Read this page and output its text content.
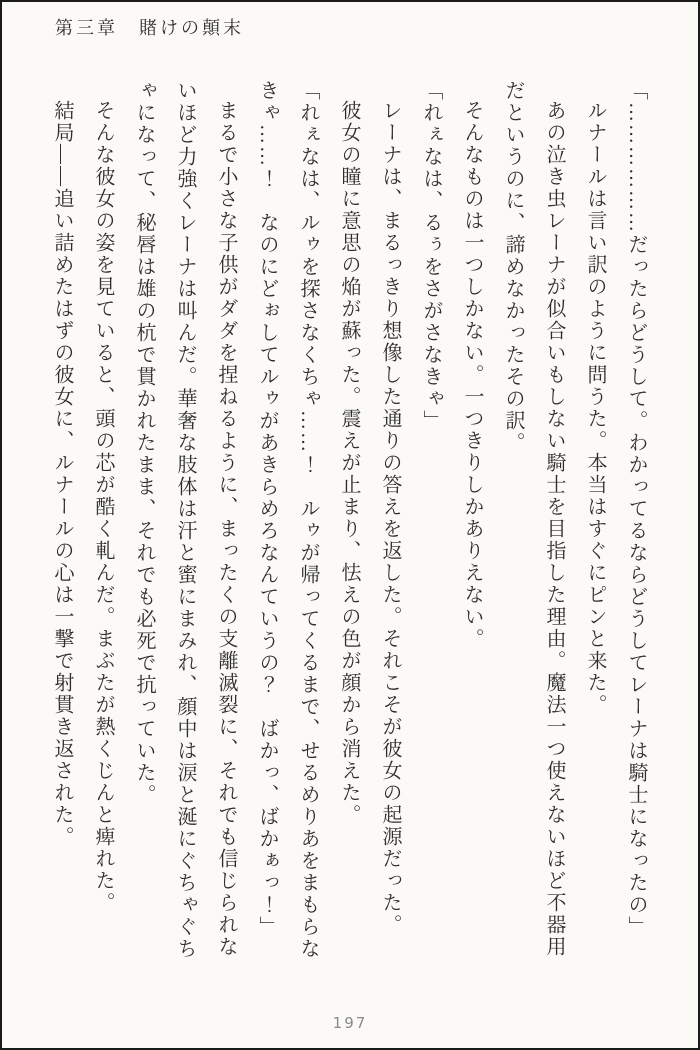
第三章　賭けの顛末

「………………だったらどうして。わかってるならどうしてレーナは騎士になったの」

ルナールは言い訳のように問うた。本当はすぐにピンと来た。

あの泣き虫レーナが似合いもしない騎士を目指した理由。魔法一つ使えないほど不器用だというのに、諦めなかったその訳。

そんなものは一つしかない。一つきりしかありえない。

「れぇなは、るぅをさがさなきゃ」

レーナは、まるっきり想像した通りの答えを返した。それこそが彼女の起源だった。

彼女の瞳に意思の焔が蘇った。震えが止まり、怯えの色が顔から消えた。

「れぇなは、ルゥを探さなくちゃ……！　ルゥが帰ってくるまで、せるめりあをまもらなきゃ……！　なのにどぉしてルゥがあきらめろなんていうの？　ばかっ、ばかぁっ！」

まるで小さな子供がダダを捏ねるように、まったくの支離滅裂に、それでも信じられないほど力強くレーナは叫んだ。華奢な肢体は汗と蜜にまみれ、顔中は涙と涎にぐちゃぐちゃになって、秘唇は雄の杭で貫かれたまま、それでも必死で抗っていた。

そんな彼女の姿を見ていると、頭の芯が酷く軋んだ。まぶたが熱くじんと痺れた。

結局――追い詰めたはずの彼女に、ルナールの心は一撃で射貫き返された。

197
